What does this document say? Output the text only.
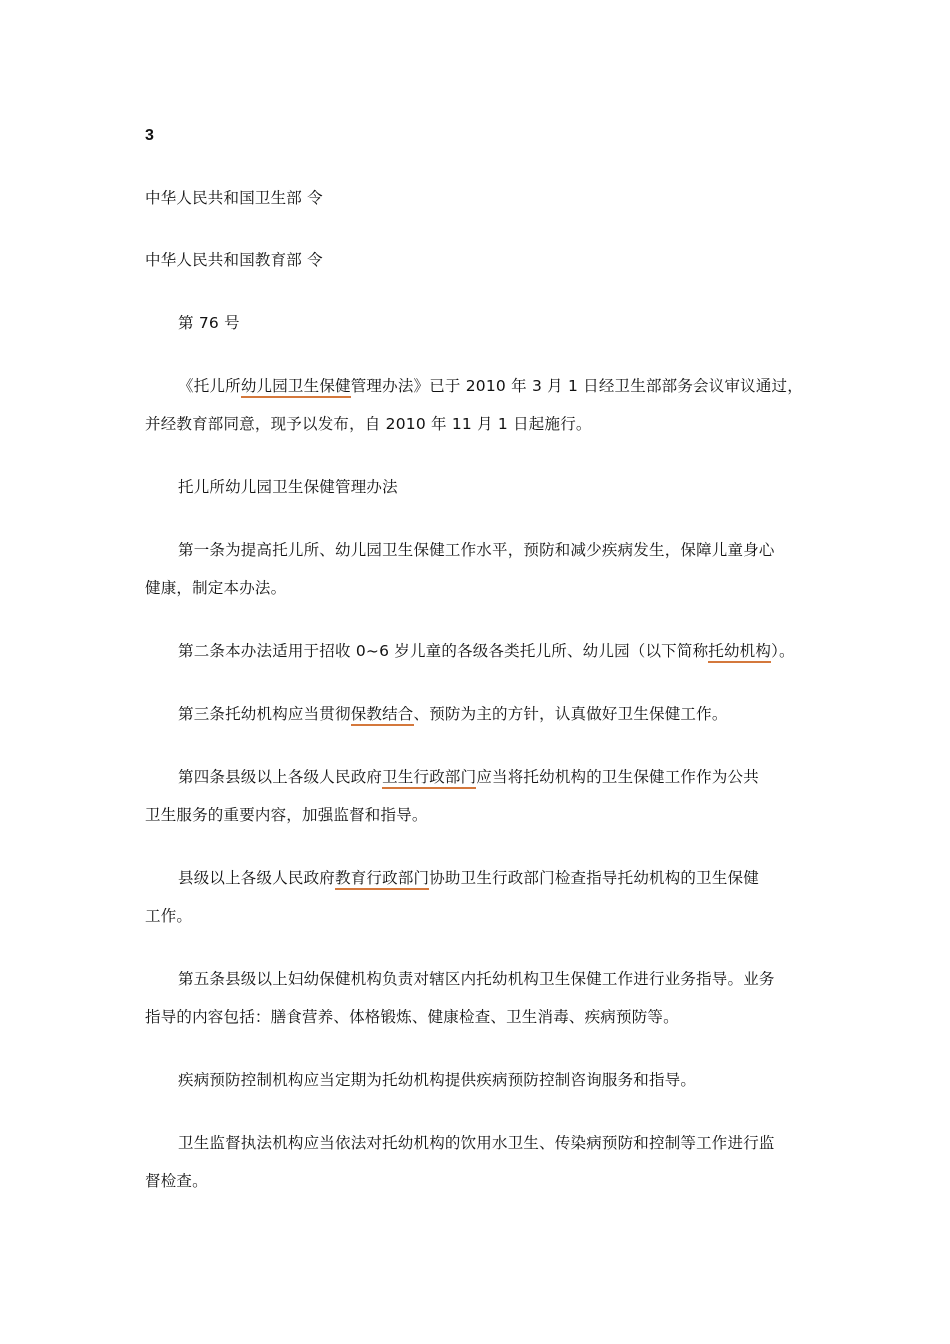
3
中华人民共和国卫生部 令
中华人民共和国教育部 令
第 76 号
《托儿所幼儿园卫生保健管理办法》已于 2010 年 3 月 1 日经卫生部部务会议审议通过，
并经教育部同意，现予以发布，自 2010 年 11 月 1 日起施行。
托儿所幼儿园卫生保健管理办法
第一条为提高托儿所、幼儿园卫生保健工作水平，预防和减少疾病发生，保障儿童身心
健康，制定本办法。
第二条本办法适用于招收 0~6 岁儿童的各级各类托儿所、幼儿园（以下简称托幼机构）。
第三条托幼机构应当贯彻保教结合、预防为主的方针，认真做好卫生保健工作。
第四条县级以上各级人民政府卫生行政部门应当将托幼机构的卫生保健工作作为公共
卫生服务的重要内容，加强监督和指导。
县级以上各级人民政府教育行政部门协助卫生行政部门检查指导托幼机构的卫生保健
工作。
第五条县级以上妇幼保健机构负责对辖区内托幼机构卫生保健工作进行业务指导。业务
指导的内容包括：膳食营养、体格锻炼、健康检查、卫生消毒、疾病预防等。
疾病预防控制机构应当定期为托幼机构提供疾病预防控制咨询服务和指导。
卫生监督执法机构应当依法对托幼机构的饮用水卫生、传染病预防和控制等工作进行监
督检查。
